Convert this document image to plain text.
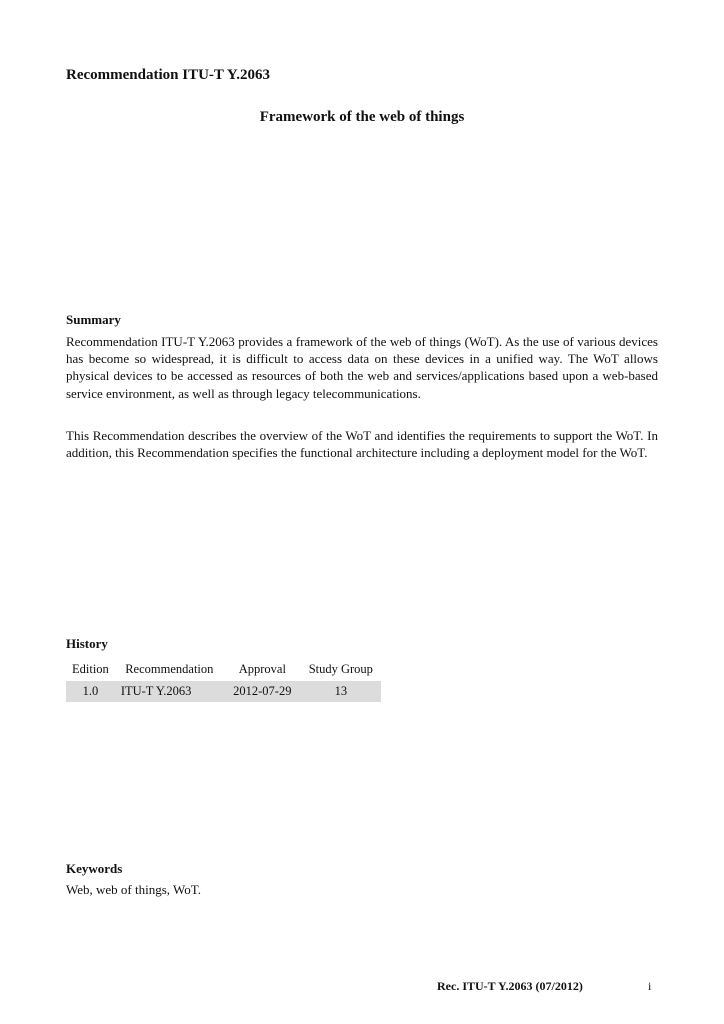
Recommendation ITU-T Y.2063

Framework of the web of things

Summary

Recommendation ITU-T Y.2063 provides a framework of the web of things (WoT). As the use of various devices has become so widespread, it is difficult to access data on these devices in a unified way. The WoT allows physical devices to be accessed as resources of both the web and services/applications based upon a web-based service environment, as well as through legacy telecommunications.

This Recommendation describes the overview of the WoT and identifies the requirements to support the WoT. In addition, this Recommendation specifies the functional architecture including a deployment model for the WoT.

History

Edition	Recommendation	Approval	Study Group
1.0	ITU-T Y.2063	2012-07-29	13

Keywords

Web, web of things, WoT.

Rec. ITU-T Y.2063 (07/2012)	i
